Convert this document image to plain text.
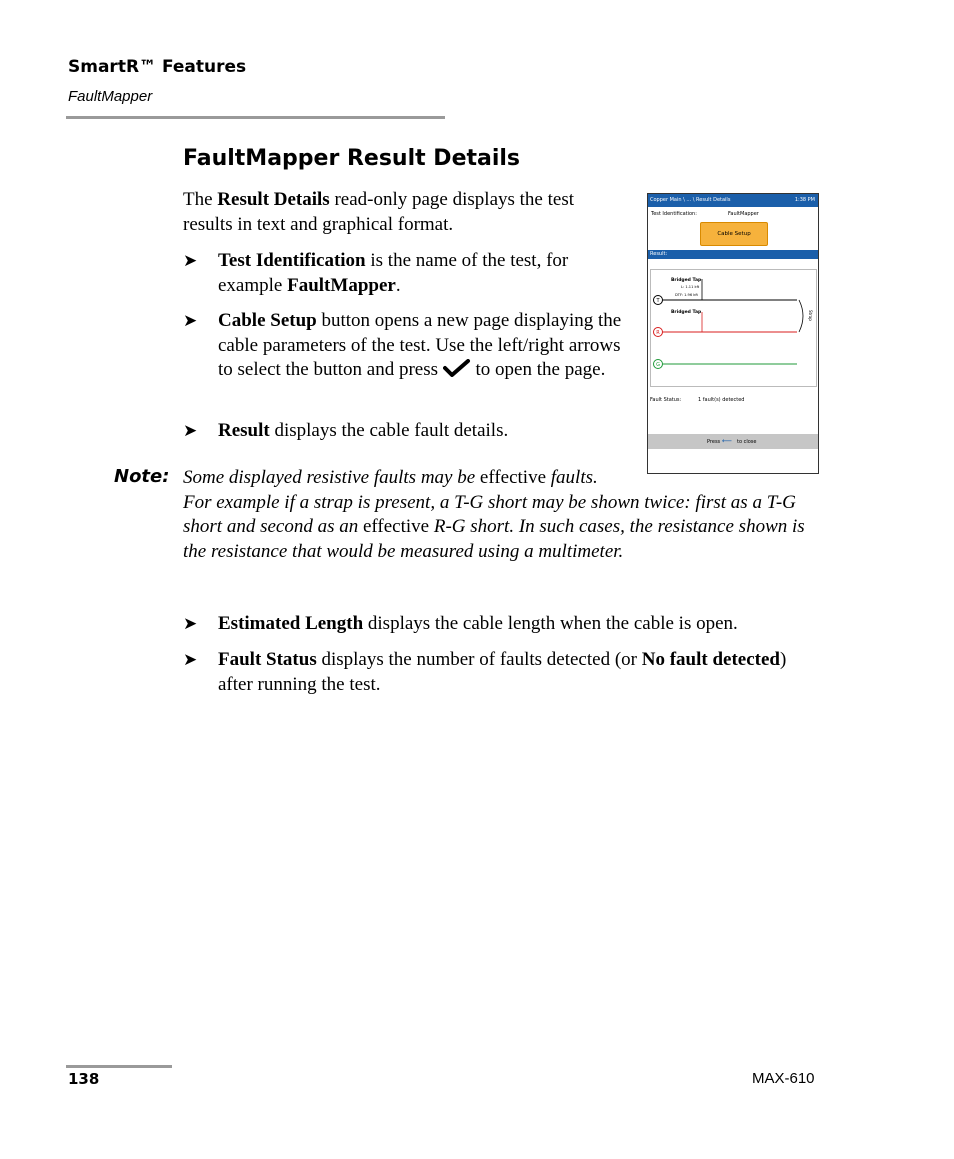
SmartR™ Features
FaultMapper
FaultMapper Result Details
The Result Details read-only page displays the test results in text and graphical format.
➤ Test Identification is the name of the test, for example FaultMapper.
➤ Cable Setup button opens a new page displaying the cable parameters of the test. Use the left/right arrows to select the button and press  to open the page.
➤ Result displays the cable fault details.
Note: Some displayed resistive faults may be effective faults.
For example if a strap is present, a T-G short may be shown twice: first as a T-G short and second as an effective R-G short. In such cases, the resistance shown is the resistance that would be measured using a multimeter.
➤ Estimated Length displays the cable length when the cable is open.
➤ Fault Status displays the number of faults detected (or No fault detected) after running the test.
Copper Main \ ... \ Result Details	1:38 PM
Test Identification:	FaultMapper
Cable Setup
Result:
Bridged Tap
L: 1.11 kft
DTF: 1.96 kft
Bridged Tap	Strap
T
R
G
Fault Status:	1 fault(s) detected
Press ⟵ to close
138	MAX-610
